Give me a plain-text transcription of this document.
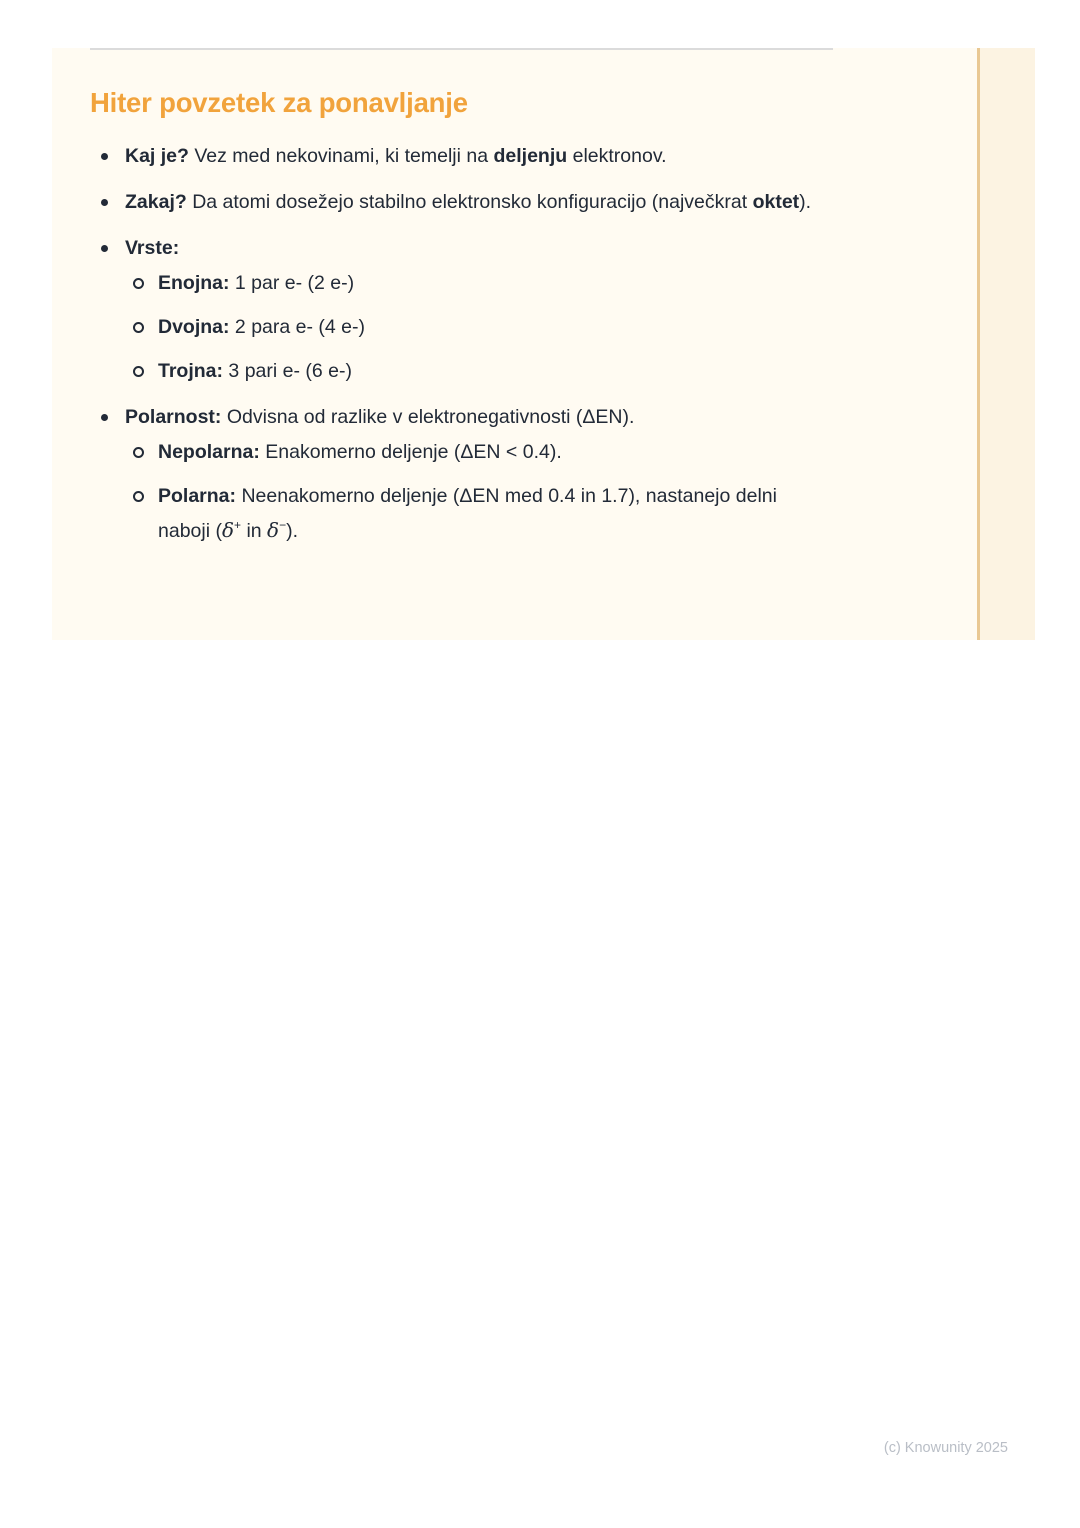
Hiter povzetek za ponavljanje
Kaj je? Vez med nekovinami, ki temelji na deljenju elektronov.
Zakaj? Da atomi dosežejo stabilno elektronsko konfiguracijo (največkrat oktet).
Vrste:
Enojna: 1 par e- (2 e-)
Dvojna: 2 para e- (4 e-)
Trojna: 3 pari e- (6 e-)
Polarnost: Odvisna od razlike v elektronegativnosti (ΔEN).
Nepolarna: Enakomerno deljenje (ΔEN < 0.4).
Polarna: Neenakomerno deljenje (ΔEN med 0.4 in 1.7), nastanejo delni naboji (δ+ in δ−).
(c) Knowunity 2025
